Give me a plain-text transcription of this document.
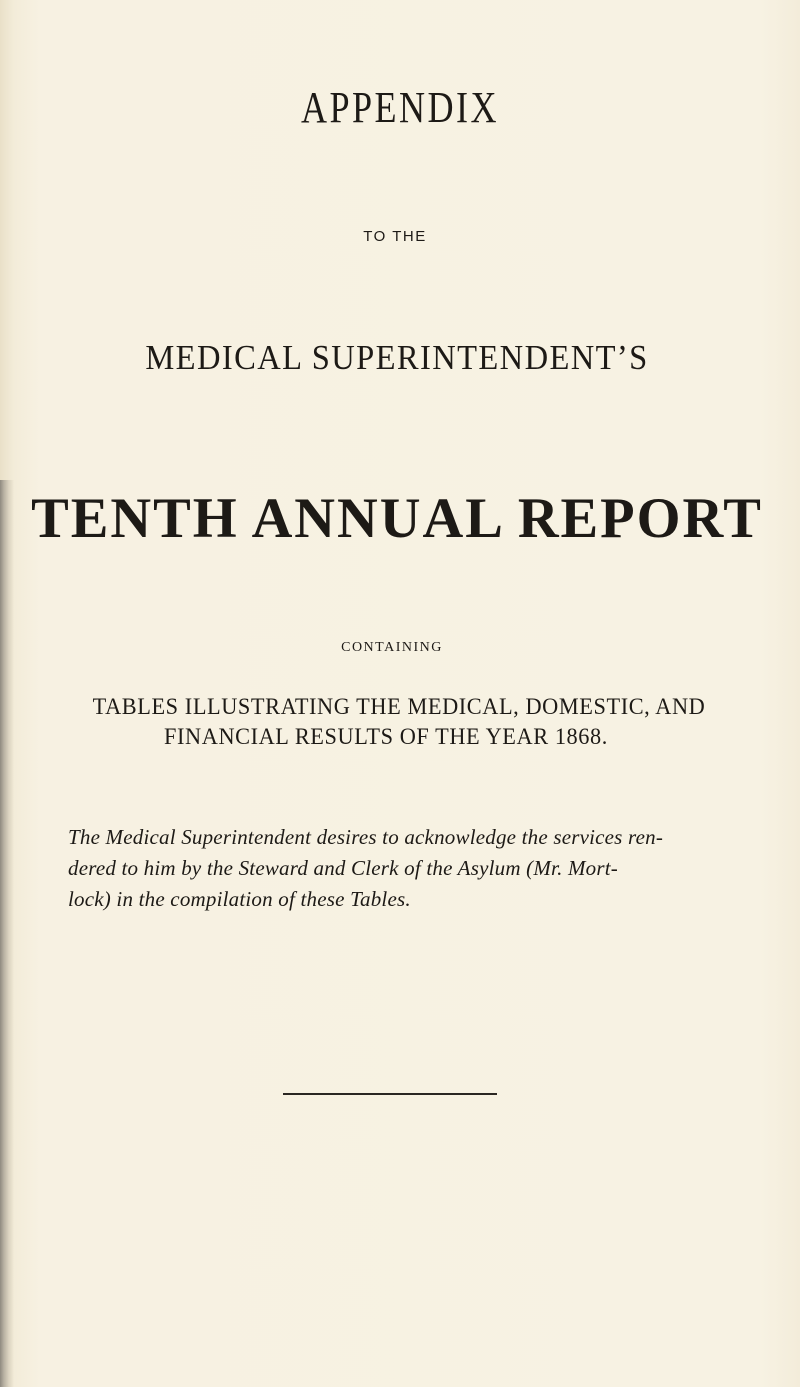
APPENDIX
TO THE
MEDICAL SUPERINTENDENT’S
TENTH ANNUAL REPORT
CONTAINING
TABLES ILLUSTRATING THE MEDICAL, DOMESTIC, AND
FINANCIAL RESULTS OF THE YEAR 1868.
The Medical Superintendent desires to acknowledge the services ren-
dered to him by the Steward and Clerk of the Asylum (Mr. Mort-
lock) in the compilation of these Tables.
